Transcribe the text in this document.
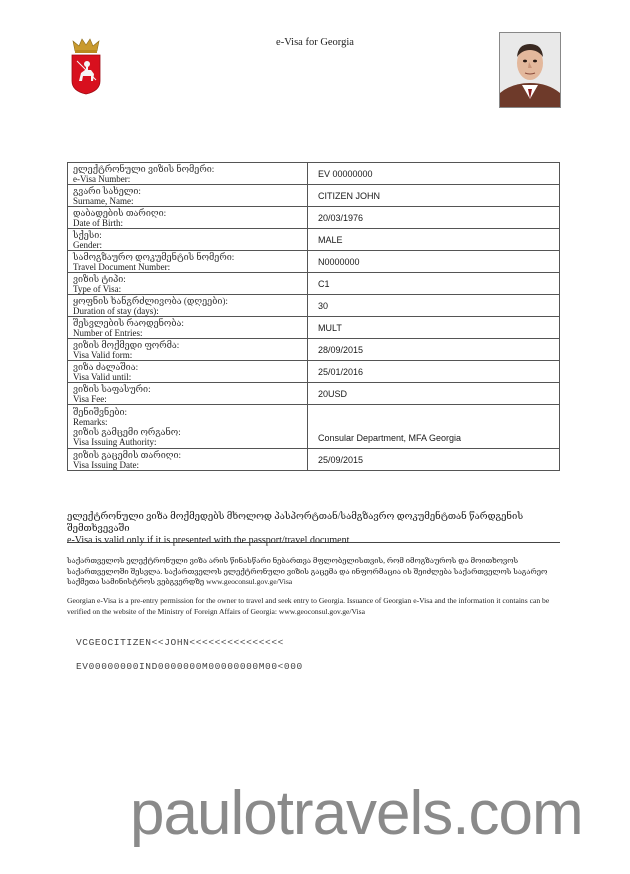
e-Visa for Georgia
ელექტრონული ვიზის ნომერი:
e-Visa Number:	EV 00000000

გვარი სახელი:
Surname, Name:	CITIZEN JOHN

დაბადების თარიღი:
Date of Birth:	20/03/1976

სქესი:
Gender:	MALE

სამოგზაურო დოკუმენტის ნომერი:
Travel Document Number:	N0000000

ვიზის ტიპი:
Type of Visa:	C1

ყოფნის ხანგრძლივობა (დღეები):
Duration of stay (days):	30

შესვლების რაოდენობა:
Number of Entries:	MULT

ვიზის მოქმედი ფორმა:
Visa Valid form:	28/09/2015

ვიზა ძალაშია:
Visa Valid until:	25/01/2016

ვიზის საფასური:
Visa Fee:	20USD

შენიშვნები:
Remarks:
ვიზის გამცემი ორგანო:
Visa Issuing Authority:	Consular Department, MFA Georgia

ვიზის გაცემის თარიღი:
Visa Issuing Date:	25/09/2015
ელექტრონული ვიზა მოქმედებს მხოლოდ პასპორტთან/სამგზავრო დოკუმენტთან წარდგენის შემთხვევაში
e-Visa is valid only if it is presented with the passport/travel document
საქართველოს ელექტრონული ვიზა არის წინასწარი ნებართვა მფლობელისთვის, რომ იმოგზაუროს და მოითხოვოს საქართველოში შესვლა. საქართველოს ელექტრონული ვიზის გაცემა და ინფორმაცია ის შეიძლება საქართველოს საგარეო საქმეთა სამინისტროს ვებგვერდზე www.geoconsul.gov.ge/Visa
Georgian e-Visa is a pre-entry permission for the owner to travel and seek entry to Georgia. Issuance of Georgian e-Visa and the information it contains can be verified on the website of the Ministry of Foreign Affairs of Georgia: www.geoconsul.gov.ge/Visa
VCGEOCITIZEN<<JOHN<<<<<<<<<<<<<<<
EV00000000IND0000000M00000000M00<000
paulotravels.com
